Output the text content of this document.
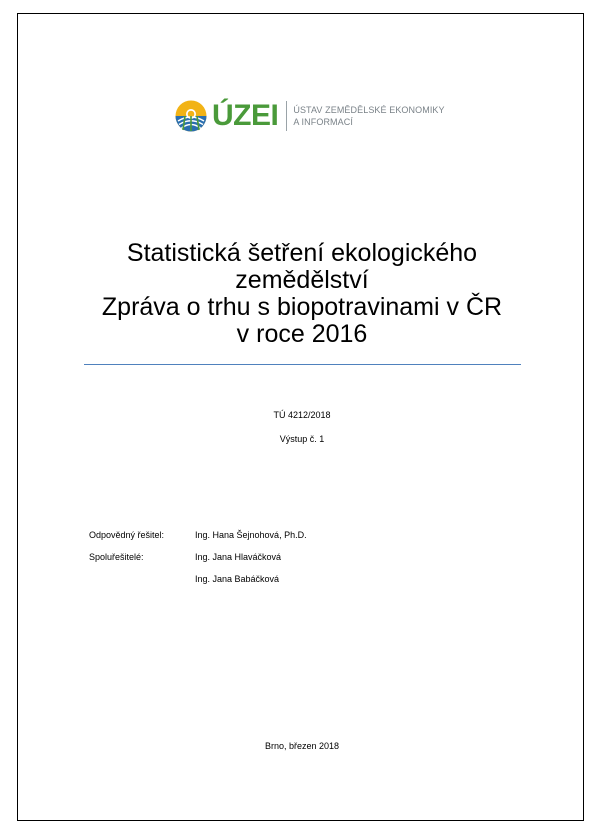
ÚZEI ÚSTAV ZEMĚDĚLSKÉ EKONOMIKY
A INFORMACÍ
Statistická šetření ekologického
zemědělství
Zpráva o trhu s biopotravinami v ČR
v roce 2016
TÚ 4212/2018
Výstup č. 1
Odpovědný řešitel:	Ing. Hana Šejnohová, Ph.D.
Spoluřešitelé:	Ing. Jana Hlaváčková
Ing. Jana Babáčková
Brno, březen 2018
